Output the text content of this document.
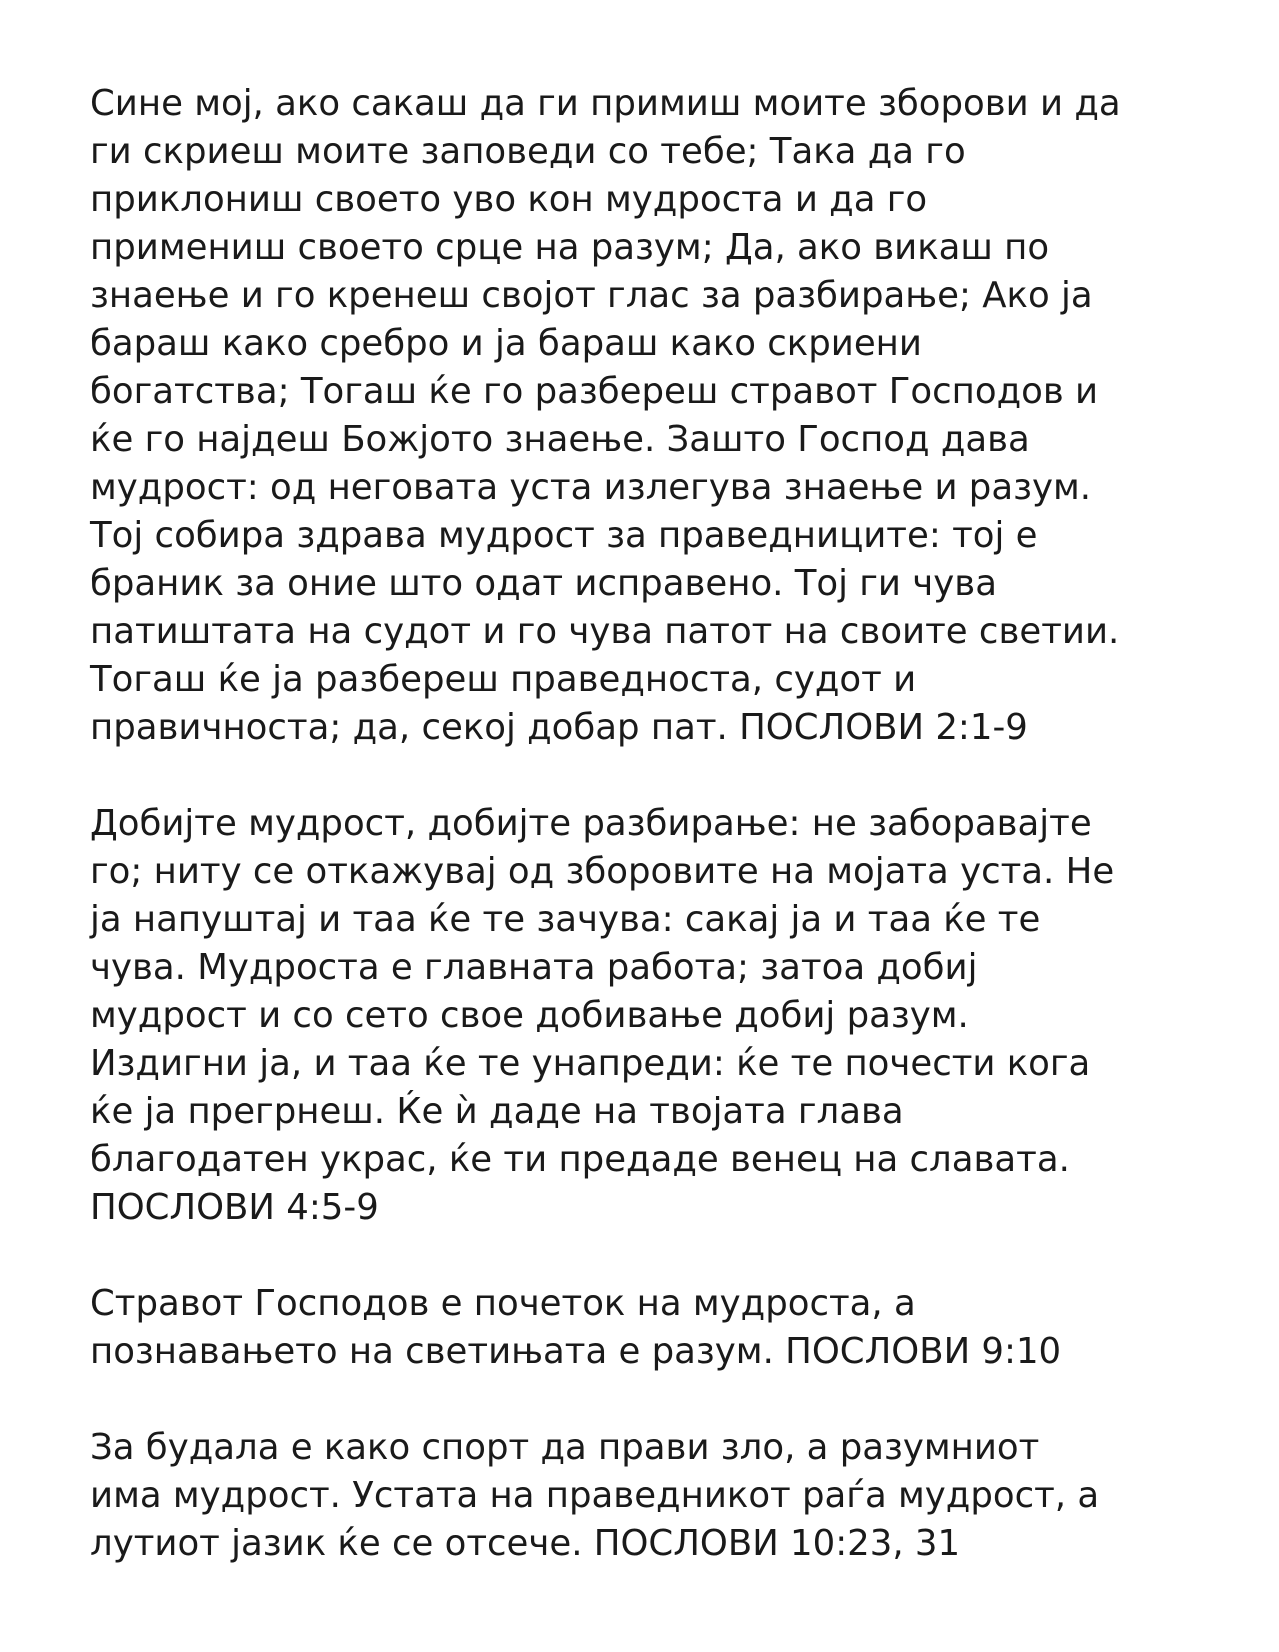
Сине мој, ако сакаш да ги примиш моите зборови и да
ги скриеш моите заповеди со тебе; Така да го
приклониш своето уво кон мудроста и да го
примениш своето срце на разум; Да, ако викаш по
знаење и го кренеш својот глас за разбирање; Ако ја
бараш како сребро и ја бараш како скриени
богатства; Тогаш ќе го разбереш стравот Господов и
ќе го најдеш Божјото знаење. Зашто Господ дава
мудрост: од неговата уста излегува знаење и разум.
Тој собира здрава мудрост за праведниците: тој е
браник за оние што одат исправено. Тој ги чува
патиштата на судот и го чува патот на своите светии.
Тогаш ќе ја разбереш праведноста, судот и
правичноста; да, секој добар пат. ПОСЛОВИ 2:1-9

Добијте мудрост, добијте разбирање: не заборавајте
го; ниту се откажувај од зборовите на мојата уста. Не
ја напуштај и таа ќе те зачува: сакај ја и таа ќе те
чува. Мудроста е главната работа; затоа добиј
мудрост и со сето свое добивање добиј разум.
Издигни ја, и таа ќе те унапреди: ќе те почести кога
ќе ја прегрнеш. Ќе ѝ даде на твојата глава
благодатен украс, ќе ти предаде венец на славата.
ПОСЛОВИ 4:5-9

Стравот Господов е почеток на мудроста, а
познавањето на светињата е разум. ПОСЛОВИ 9:10

За будала е како спорт да прави зло, а разумниот
има мудрост. Устата на праведникот раѓа мудрост, а
лутиот јазик ќе се отсече. ПОСЛОВИ 10:23, 31
